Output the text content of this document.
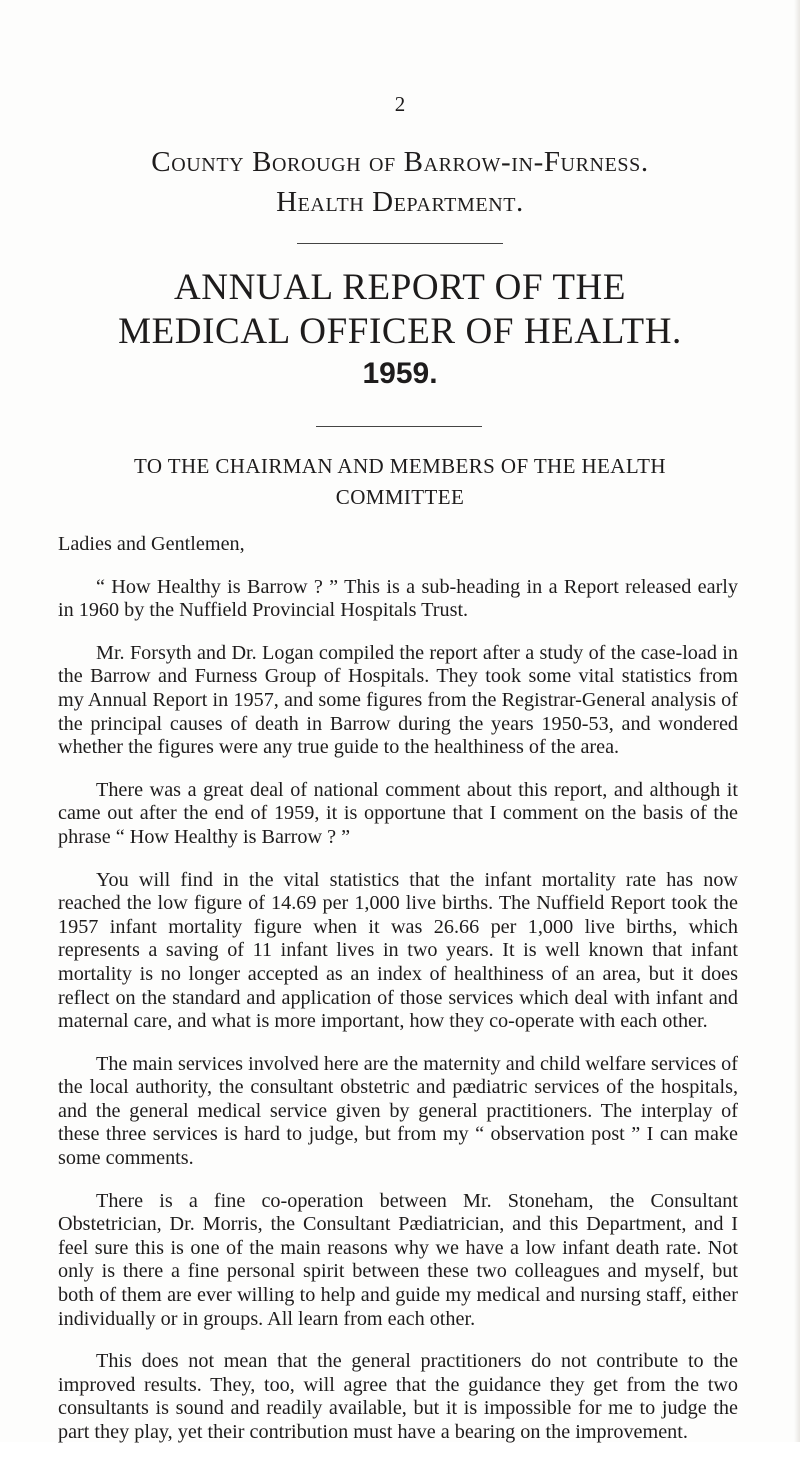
2
County Borough of Barrow-in-Furness.
Health Department.
ANNUAL REPORT OF THE
MEDICAL OFFICER OF HEALTH.
1959.
TO THE CHAIRMAN AND MEMBERS OF THE HEALTH
COMMITTEE

Ladies and Gentlemen,

“ How Healthy is Barrow ? ” This is a sub-heading in a Report released early in 1960 by the Nuffield Provincial Hospitals Trust.

Mr. Forsyth and Dr. Logan compiled the report after a study of the case-load in the Barrow and Furness Group of Hospitals. They took some vital statistics from my Annual Report in 1957, and some figures from the Registrar-General analysis of the principal causes of death in Barrow during the years 1950-53, and wondered whether the figures were any true guide to the healthiness of the area.

There was a great deal of national comment about this report, and although it came out after the end of 1959, it is opportune that I comment on the basis of the phrase “ How Healthy is Barrow ? ”

You will find in the vital statistics that the infant mortality rate has now reached the low figure of 14.69 per 1,000 live births. The Nuffield Report took the 1957 infant mortality figure when it was 26.66 per 1,000 live births, which represents a saving of 11 infant lives in two years. It is well known that infant mortality is no longer accepted as an index of healthiness of an area, but it does reflect on the standard and application of those services which deal with infant and maternal care, and what is more important, how they co-operate with each other.

The main services involved here are the maternity and child welfare services of the local authority, the consultant obstetric and pædiatric services of the hospitals, and the general medical service given by general practitioners. The interplay of these three services is hard to judge, but from my “ observation post ” I can make some comments.

There is a fine co-operation between Mr. Stoneham, the Consultant Obstetrician, Dr. Morris, the Consultant Pædiatrician, and this Department, and I feel sure this is one of the main reasons why we have a low infant death rate. Not only is there a fine personal spirit between these two colleagues and myself, but both of them are ever willing to help and guide my medical and nursing staff, either individually or in groups. All learn from each other.

This does not mean that the general practitioners do not contribute to the improved results. They, too, will agree that the guidance they get from the two consultants is sound and readily available, but it is impossible for me to judge the part they play, yet their contribution must have a bearing on the improvement.
